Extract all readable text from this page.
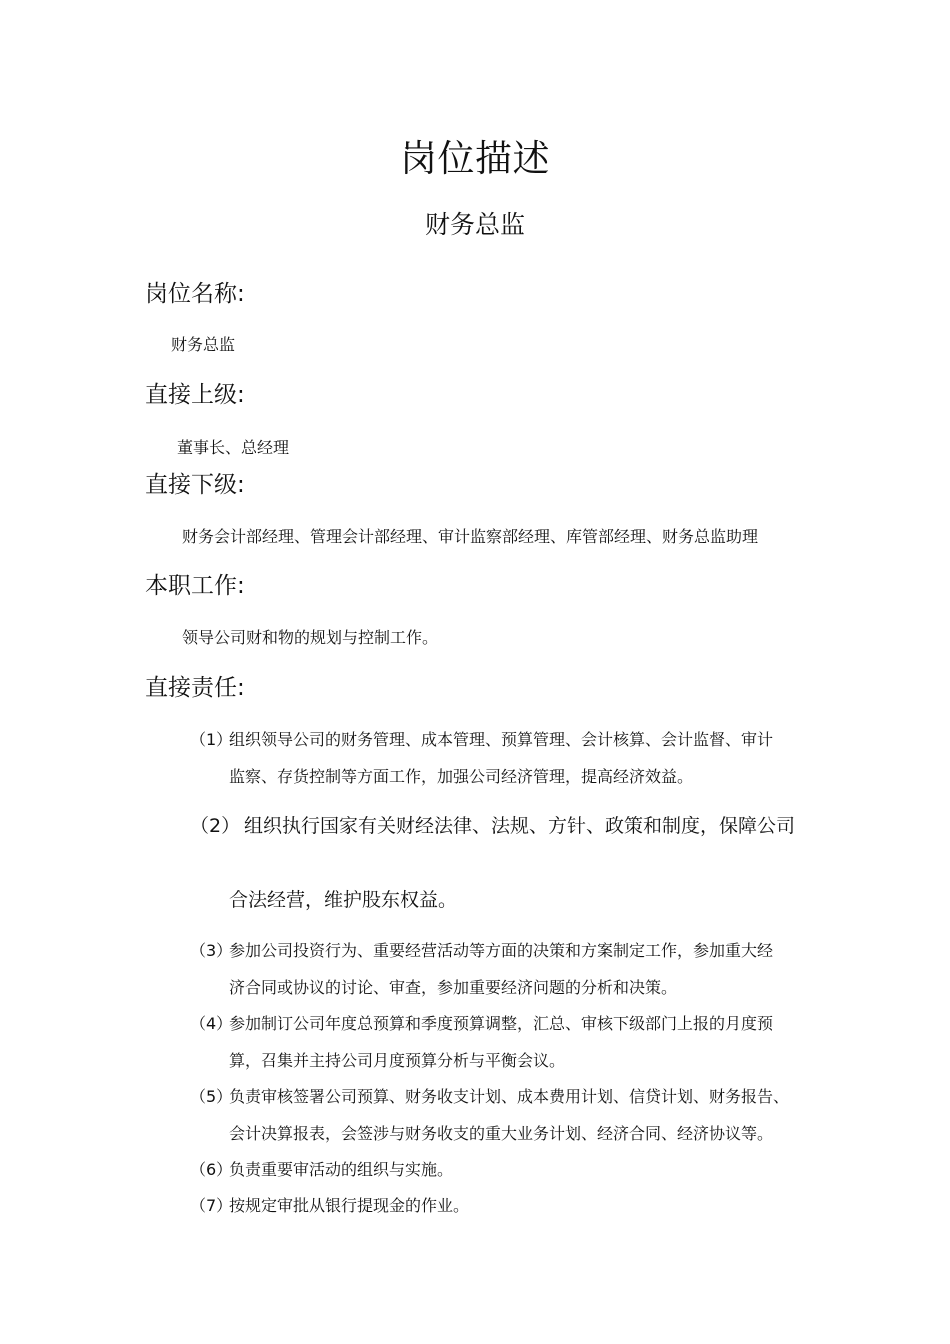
岗位描述
财务总监
岗位名称:
财务总监
直接上级:
董事长、总经理
直接下级:
财务会计部经理、管理会计部经理、审计监察部经理、库管部经理、财务总监助理
本职工作:
领导公司财和物的规划与控制工作。
直接责任:
（1）
组织领导公司的财务管理、成本管理、预算管理、会计核算、会计监督、审计
监察、存货控制等方面工作，加强公司经济管理，提高经济效益。
（2） 组织执行国家有关财经法律、法规、方针、政策和制度，保障公司
合法经营，维护股东权益。
（3）
参加公司投资行为、重要经营活动等方面的决策和方案制定工作，参加重大经
济合同或协议的讨论、审查，参加重要经济问题的分析和决策。
（4）
参加制订公司年度总预算和季度预算调整，汇总、审核下级部门上报的月度预
算，召集并主持公司月度预算分析与平衡会议。
（5）
负责审核签署公司预算、财务收支计划、成本费用计划、信贷计划、财务报告、
会计决算报表，会签涉与财务收支的重大业务计划、经济合同、经济协议等。
（6）
负责重要审活动的组织与实施。
（7）
按规定审批从银行提现金的作业。
